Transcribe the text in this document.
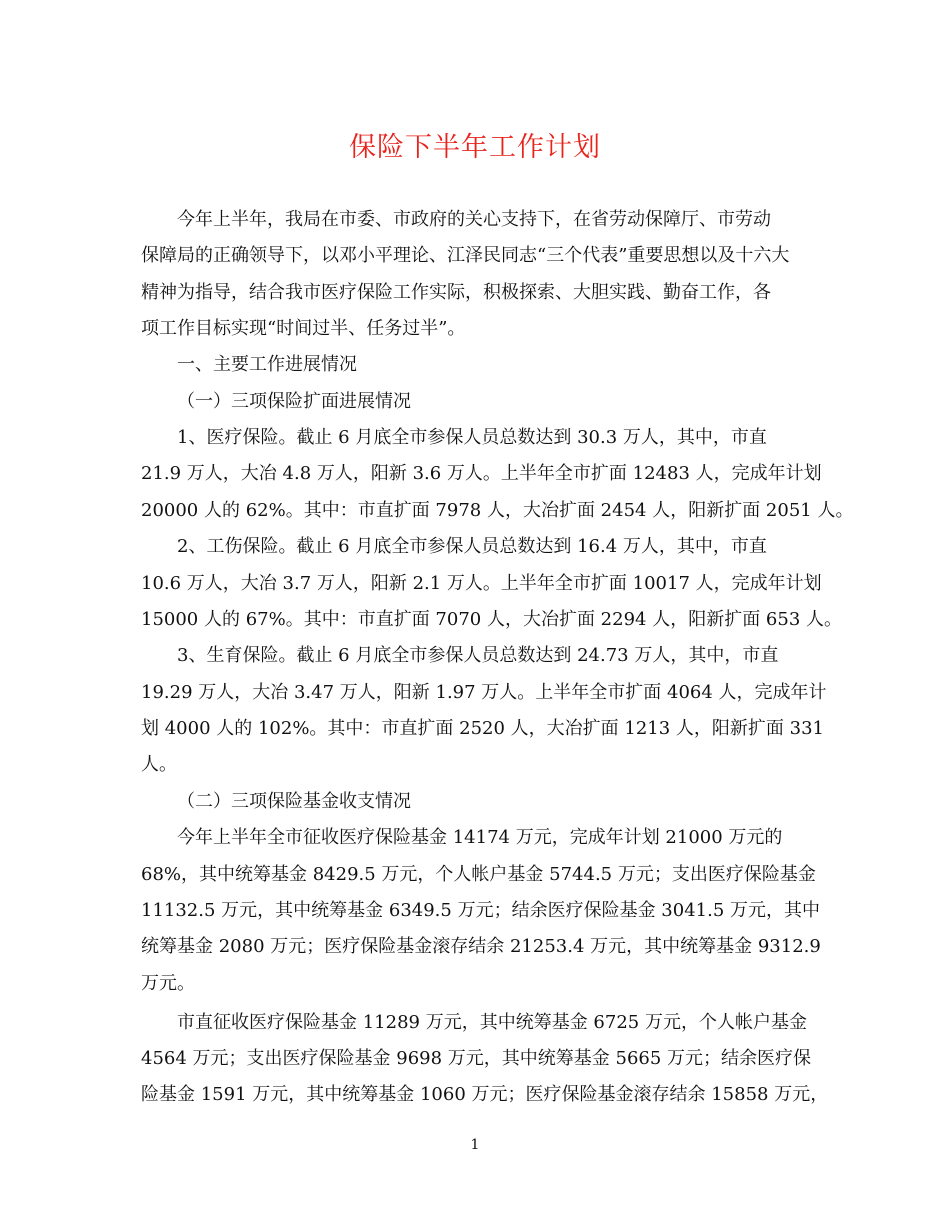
保险下半年工作计划

今年上半年，我局在市委、市政府的关心支持下，在省劳动保障厅、市劳动

保障局的正确领导下，以邓小平理论、江泽民同志“三个代表”重要思想以及十六大

精神为指导，结合我市医疗保险工作实际，积极探索、大胆实践、勤奋工作，各

项工作目标实现“时间过半、任务过半”。

一、主要工作进展情况

（一）三项保险扩面进展情况

1、医疗保险。截止 6 月底全市参保人员总数达到 30.3 万人，其中，市直

21.9 万人，大冶 4.8 万人，阳新 3.6 万人。上半年全市扩面 12483 人，完成年计划

20000 人的 62%。其中：市直扩面 7978 人，大冶扩面 2454 人，阳新扩面 2051 人。

2、工伤保险。截止 6 月底全市参保人员总数达到 16.4 万人，其中，市直

10.6 万人，大冶 3.7 万人，阳新 2.1 万人。上半年全市扩面 10017 人，完成年计划

15000 人的 67%。其中：市直扩面 7070 人，大冶扩面 2294 人，阳新扩面 653 人。

3、生育保险。截止 6 月底全市参保人员总数达到 24.73 万人，其中，市直

19.29 万人，大冶 3.47 万人，阳新 1.97 万人。上半年全市扩面 4064 人，完成年计

划 4000 人的 102%。其中：市直扩面 2520 人，大冶扩面 1213 人，阳新扩面 331

人。

（二）三项保险基金收支情况

今年上半年全市征收医疗保险基金 14174 万元，完成年计划 21000 万元的

68%，其中统筹基金 8429.5 万元，个人帐户基金 5744.5 万元；支出医疗保险基金

11132.5 万元，其中统筹基金 6349.5 万元；结余医疗保险基金 3041.5 万元，其中

统筹基金 2080 万元；医疗保险基金滚存结余 21253.4 万元，其中统筹基金 9312.9

万元。

市直征收医疗保险基金 11289 万元，其中统筹基金 6725 万元，个人帐户基金

4564 万元；支出医疗保险基金 9698 万元，其中统筹基金 5665 万元；结余医疗保

险基金 1591 万元，其中统筹基金 1060 万元；医疗保险基金滚存结余 15858 万元，

1
